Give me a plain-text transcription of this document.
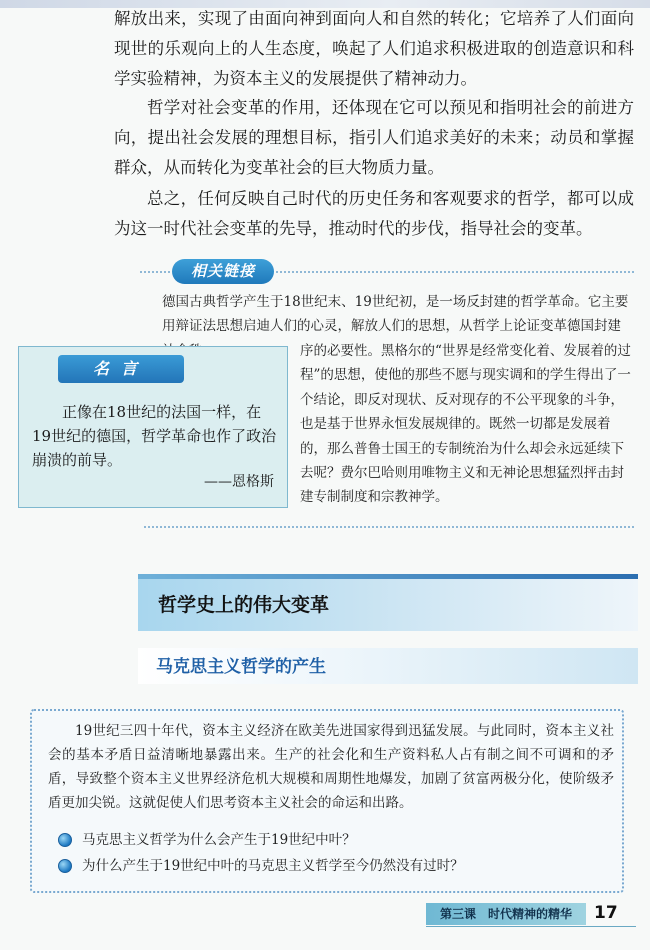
解放出来，实现了由面向神到面向人和自然的转化；它培养了人们面向现世的乐观向上的人生态度，唤起了人们追求积极进取的创造意识和科学实验精神，为资本主义的发展提供了精神动力。

哲学对社会变革的作用，还体现在它可以预见和指明社会的前进方向，提出社会发展的理想目标，指引人们追求美好的未来；动员和掌握群众，从而转化为变革社会的巨大物质力量。

总之，任何反映自己时代的历史任务和客观要求的哲学，都可以成为这一时代社会变革的先导，推动时代的步伐，指导社会的变革。

相关链接
德国古典哲学产生于18世纪末、19世纪初，是一场反封建的哲学革命。它主要用辩证法思想启迪人们的心灵，解放人们的思想，从哲学上论证变革德国封建
序的必要性。黑格尔的“世界是经常变化着、发展着的过程”的思想，使他的那些不愿与现实调和的学生得出了一个结论，即反对现状、反对现存的不公平现象的斗争，也是基于世界永恒发展规律的。既然一切都是发展着的，那么普鲁士国王的专制统治为什么却会永远延续下去呢？费尔巴哈则用唯物主义和无神论思想猛烈抨击封建专制制度和宗教神学。
名言
正像在18世纪的法国一样，在19世纪的德国，哲学革命也作了政治崩溃的前导。
——恩格斯
哲学史上的伟大变革
马克思主义哲学的产生
19世纪三四十年代，资本主义经济在欧美先进国家得到迅猛发展。与此同时，资本主义社会的基本矛盾日益清晰地暴露出来。生产的社会化和生产资料私人占有制之间不可调和的矛盾，导致整个资本主义世界经济危机大规模和周期性地爆发，加剧了贫富两极分化，使阶级矛盾更加尖锐。这就促使人们思考资本主义社会的命运和出路。
马克思主义哲学为什么会产生于19世纪中叶？
为什么产生于19世纪中叶的马克思主义哲学至今仍然没有过时？
第三课　时代精神的精华	17
